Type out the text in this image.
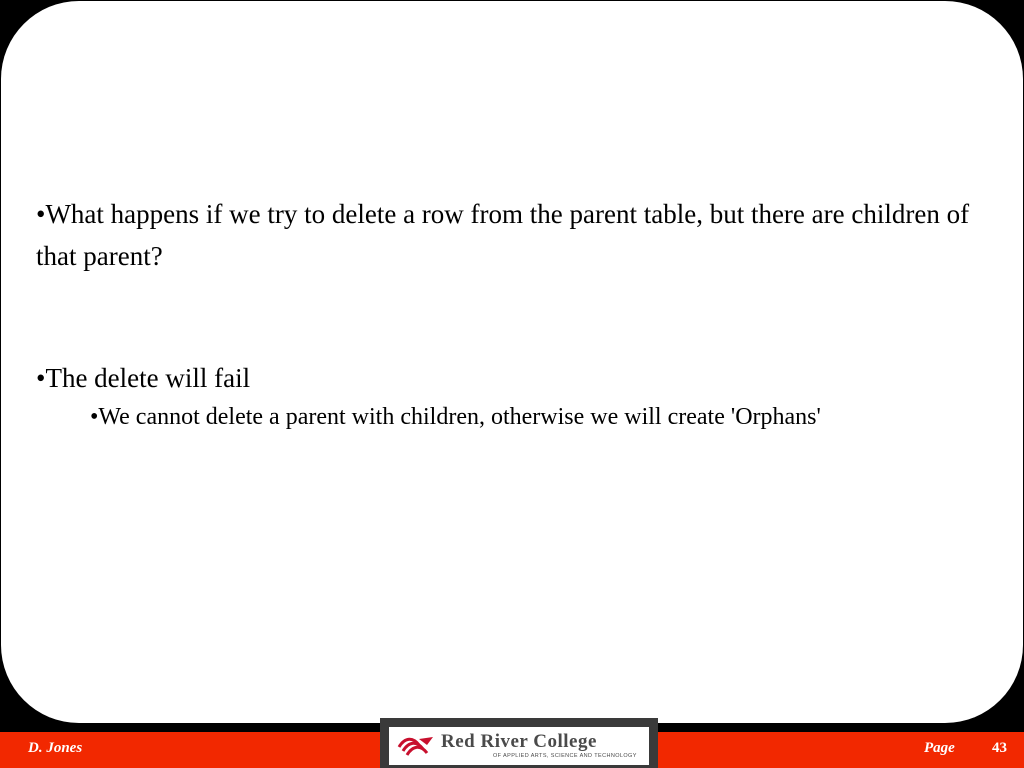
•What happens if we try to delete a row from the parent table, but there are children of that parent?

•The delete will fail

•We cannot delete a parent with children, otherwise we will create 'Orphans'

D. Jones	Page 43
Red River College
OF APPLIED ARTS, SCIENCE AND TECHNOLOGY
